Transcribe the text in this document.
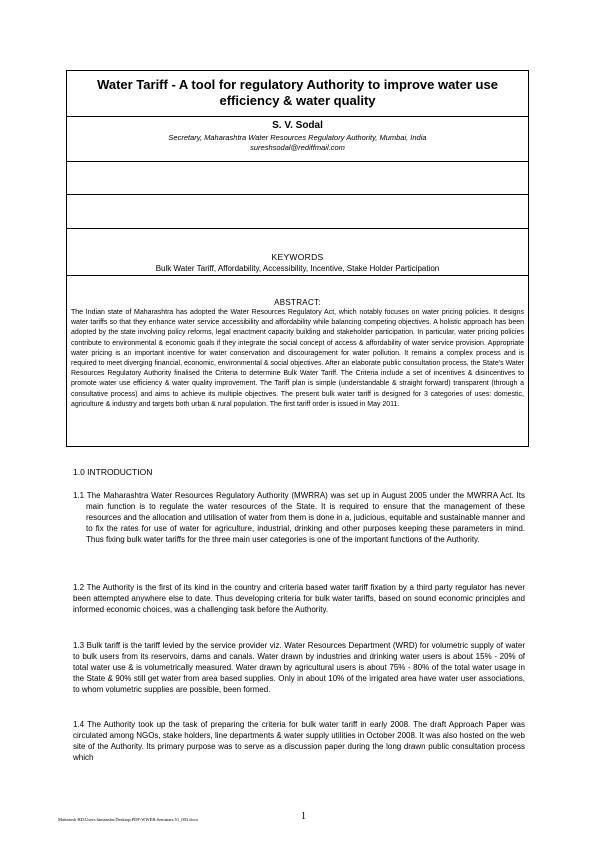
Water Tariff - A tool for regulatory Authority to improve water use efficiency & water quality
S. V. Sodal
Secretary, Maharashtra Water Resources Regulatory Authority, Mumbai, India
sureshsodal@rediffmail.com
KEYWORDS
Bulk Water Tariff, Affordability, Accessibility, Incentive, Stake Holder Participation
ABSTRACT:
The Indian state of Maharashtra has adopted the Water Resources Regulatory Act, which notably focuses on water pricing policies. It designs water tariffs so that they enhance water service accessibility and affordability while balancing competing objectives. A holistic approach has been adopted by the state involving policy reforms, legal enactment capacity building and stakeholder participation. In particular, water pricing policies contribute to environmental & economic goals if they integrate the social concept of access & affordability of water service provision. Appropriate water pricing is an important incentive for water conservation and discouragement for water pollution. It remains a complex process and is required to meet diverging financial, economic, environmental & social objectives. After an elaborate public consultation process, the State's Water Resources Regulatory Authority finalised the Criteria to determine Bulk Water Tariff. The Criteria include a set of incentives & disincentives to promote water use efficiency & water quality improvement. The Tariff plan is simple (understandable & straight forward) transparent (through a consultative process) and aims to achieve its multiple objectives. The present bulk water tariff is designed for 3 categories of uses: domestic, agriculture & industry and targets both urban & rural population. The first tariff order is issued in May 2011.
1.0 INTRODUCTION
1.1 The Maharashtra Water Resources Regulatory Authority (MWRRA) was set up in August 2005 under the MWRRA Act. Its main function is to regulate the water resources of the State. It is required to ensure that the management of these resources and the allocation and utilisation of water from them is done in a, judicious, equitable and sustainable manner and to fix the rates for use of water for agriculture, industrial, drinking and other purposes keeping these parameters in mind. Thus fixing bulk water tariffs for the three main user categories is one of the important functions of the Authority.
1.2 The Authority is the first of its kind in the country and criteria based water tariff fixation by a third party regulator has never been attempted anywhere else to date. Thus developing criteria for bulk water tariffs, based on sound economic principles and informed economic choices, was a challenging task before the Authority.
1.3 Bulk tariff is the tariff levied by the service provider viz. Water Resources Department (WRD) for volumetric supply of water to bulk users from its reservoirs, dams and canals. Water drawn by industries and drinking water users is about 15% - 20% of total water use & is volumetrically measured. Water drawn by agricultural users is about 75% - 80% of the total water usage in the State & 90% still get water from area based supplies. Only in about 10% of the irrigated area have water user associations, to whom volumetric supplies are possible, been formed.
1.4 The Authority took up the task of preparing the criteria for bulk water tariff in early 2008. The draft Approach Paper was circulated among NGOs, stake holders, line departments & water supply utilities in October 2008. It was also hosted on the web site of the Authority. Its primary purpose was to serve as a discussion paper during the long drawn public consultation process which
Mattntosh HD:Users:himanshu:Desktop:PDF:WWER:Seminars:51_003.docx	1
